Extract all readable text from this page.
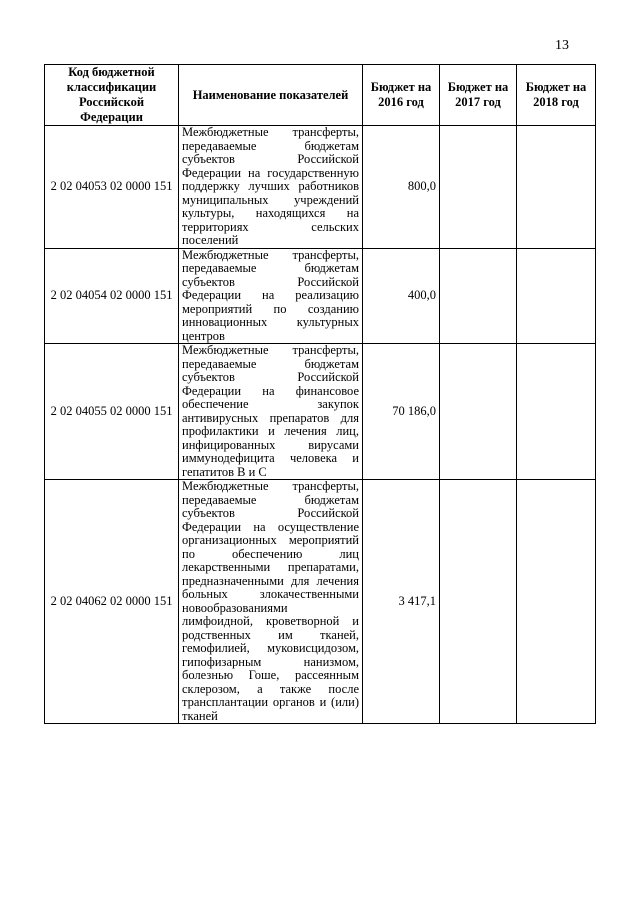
13
Код бюджетной классификации Российской Федерации	Наименование показателей	Бюджет на 2016 год	Бюджет на 2017 год	Бюджет на 2018 год
2 02 04053 02 0000 151	Межбюджетные трансферты, передаваемые бюджетам субъектов Российской Федерации на государственную поддержку лучших работников муниципальных учреждений культуры, находящихся на территориях сельских поселений	800,0		
2 02 04054 02 0000 151	Межбюджетные трансферты, передаваемые бюджетам субъектов Российской Федерации на реализацию мероприятий по созданию инновационных культурных центров	400,0		
2 02 04055 02 0000 151	Межбюджетные трансферты, передаваемые бюджетам субъектов Российской Федерации на финансовое обеспечение закупок антивирусных препаратов для профилактики и лечения лиц, инфицированных вирусами иммунодефицита человека и гепатитов В и С	70 186,0		
2 02 04062 02 0000 151	Межбюджетные трансферты, передаваемые бюджетам субъектов Российской Федерации на осуществление организационных мероприятий по обеспечению лиц лекарственными препаратами, предназначенными для лечения больных злокачественными новообразованиями лимфоидной, кроветворной и родственных им тканей, гемофилией, муковисцидозом, гипофизарным нанизмом, болезнью Гоше, рассеянным склерозом, а также после трансплантации органов и (или) тканей	3 417,1		
